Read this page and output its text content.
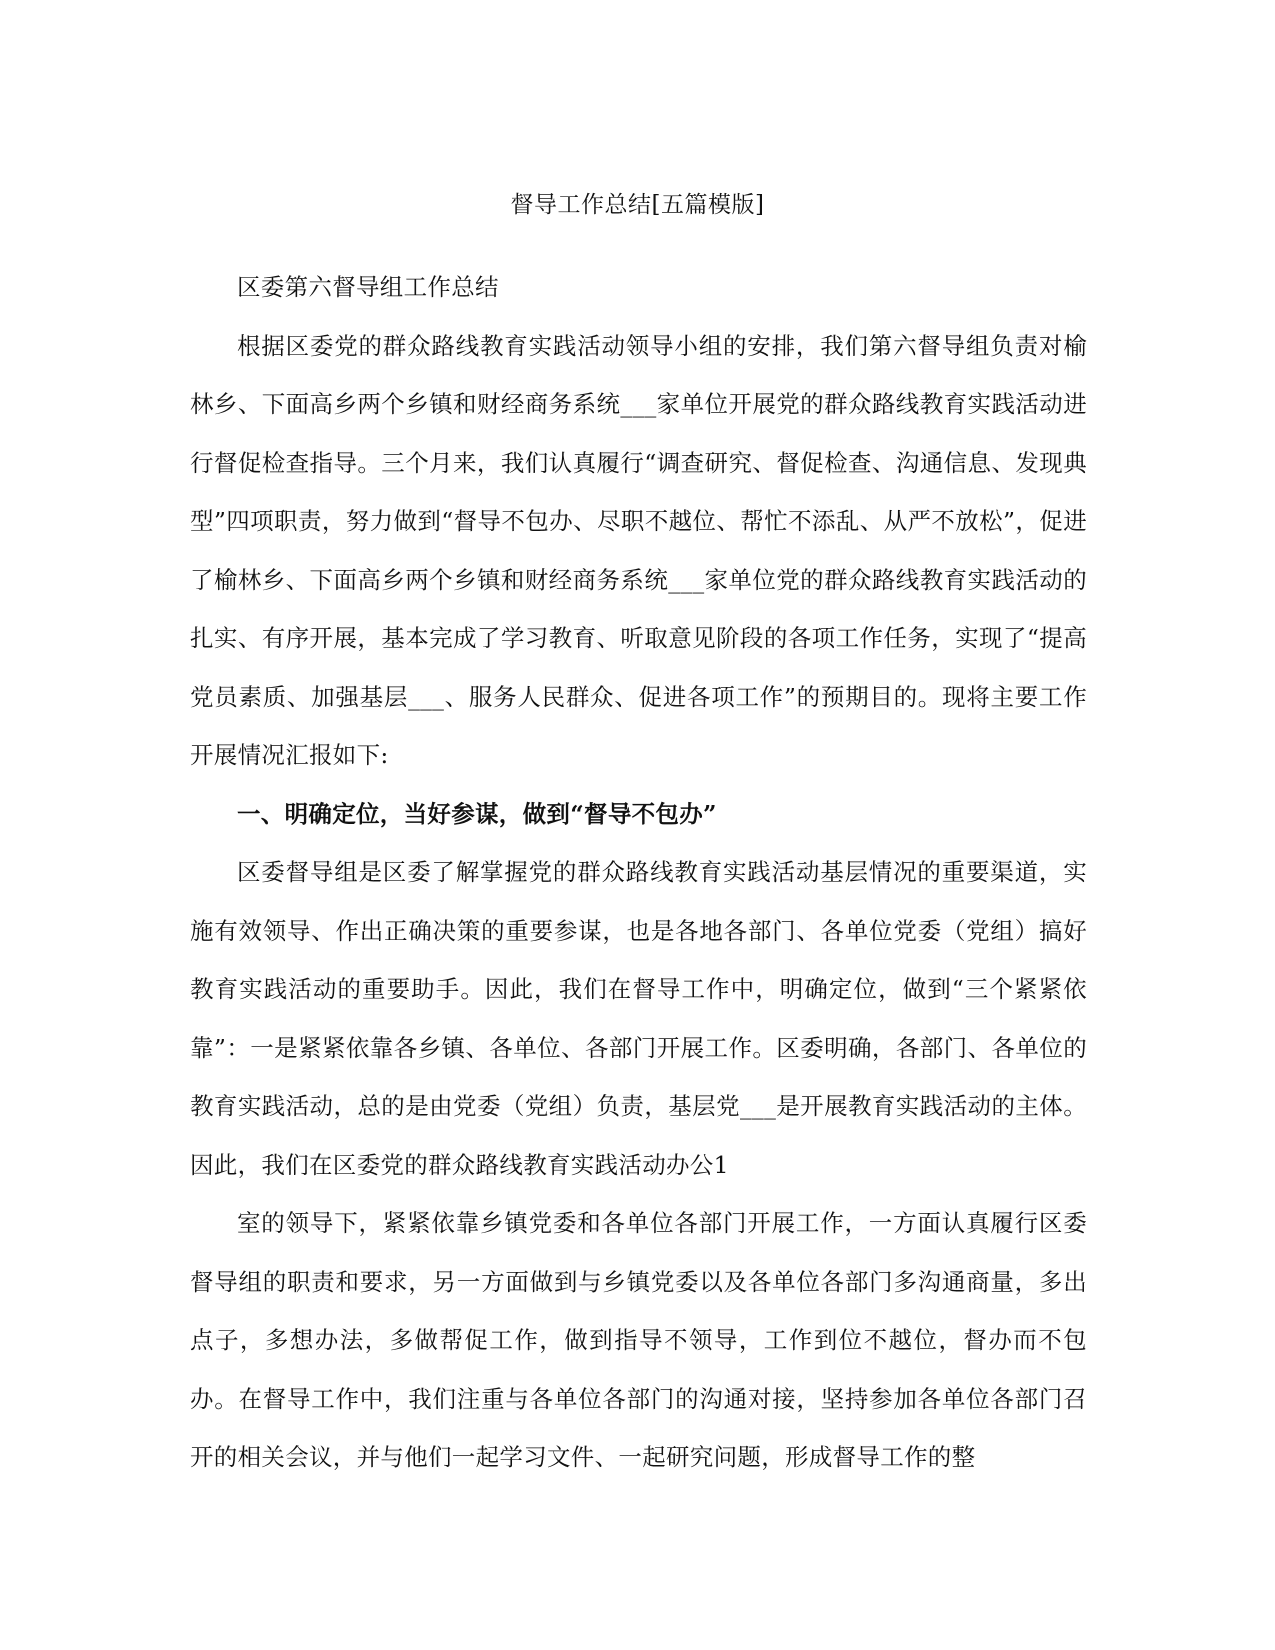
督导工作总结[五篇模版]

区委第六督导组工作总结

根据区委党的群众路线教育实践活动领导小组的安排，我们第六督导组负责对榆林乡、下面高乡两个乡镇和财经商务系统___家单位开展党的群众路线教育实践活动进行督促检查指导。三个月来，我们认真履行“调查研究、督促检查、沟通信息、发现典型”四项职责，努力做到“督导不包办、尽职不越位、帮忙不添乱、从严不放松”，促进了榆林乡、下面高乡两个乡镇和财经商务系统___家单位党的群众路线教育实践活动的扎实、有序开展，基本完成了学习教育、听取意见阶段的各项工作任务，实现了“提高党员素质、加强基层___、服务人民群众、促进各项工作”的预期目的。现将主要工作开展情况汇报如下:

一、明确定位，当好参谋，做到“督导不包办”

区委督导组是区委了解掌握党的群众路线教育实践活动基层情况的重要渠道，实施有效领导、作出正确决策的重要参谋，也是各地各部门、各单位党委（党组）搞好教育实践活动的重要助手。因此，我们在督导工作中，明确定位，做到“三个紧紧依靠”：一是紧紧依靠各乡镇、各单位、各部门开展工作。区委明确，各部门、各单位的教育实践活动，总的是由党委（党组）负责，基层党___是开展教育实践活动的主体。因此，我们在区委党的群众路线教育实践活动办公1

室的领导下，紧紧依靠乡镇党委和各单位各部门开展工作，一方面认真履行区委督导组的职责和要求，另一方面做到与乡镇党委以及各单位各部门多沟通商量，多出点子，多想办法，多做帮促工作，做到指导不领导，工作到位不越位，督办而不包办。在督导工作中，我们注重与各单位各部门的沟通对接，坚持参加各单位各部门召开的相关会议，并与他们一起学习文件、一起研究问题，形成督导工作的整
